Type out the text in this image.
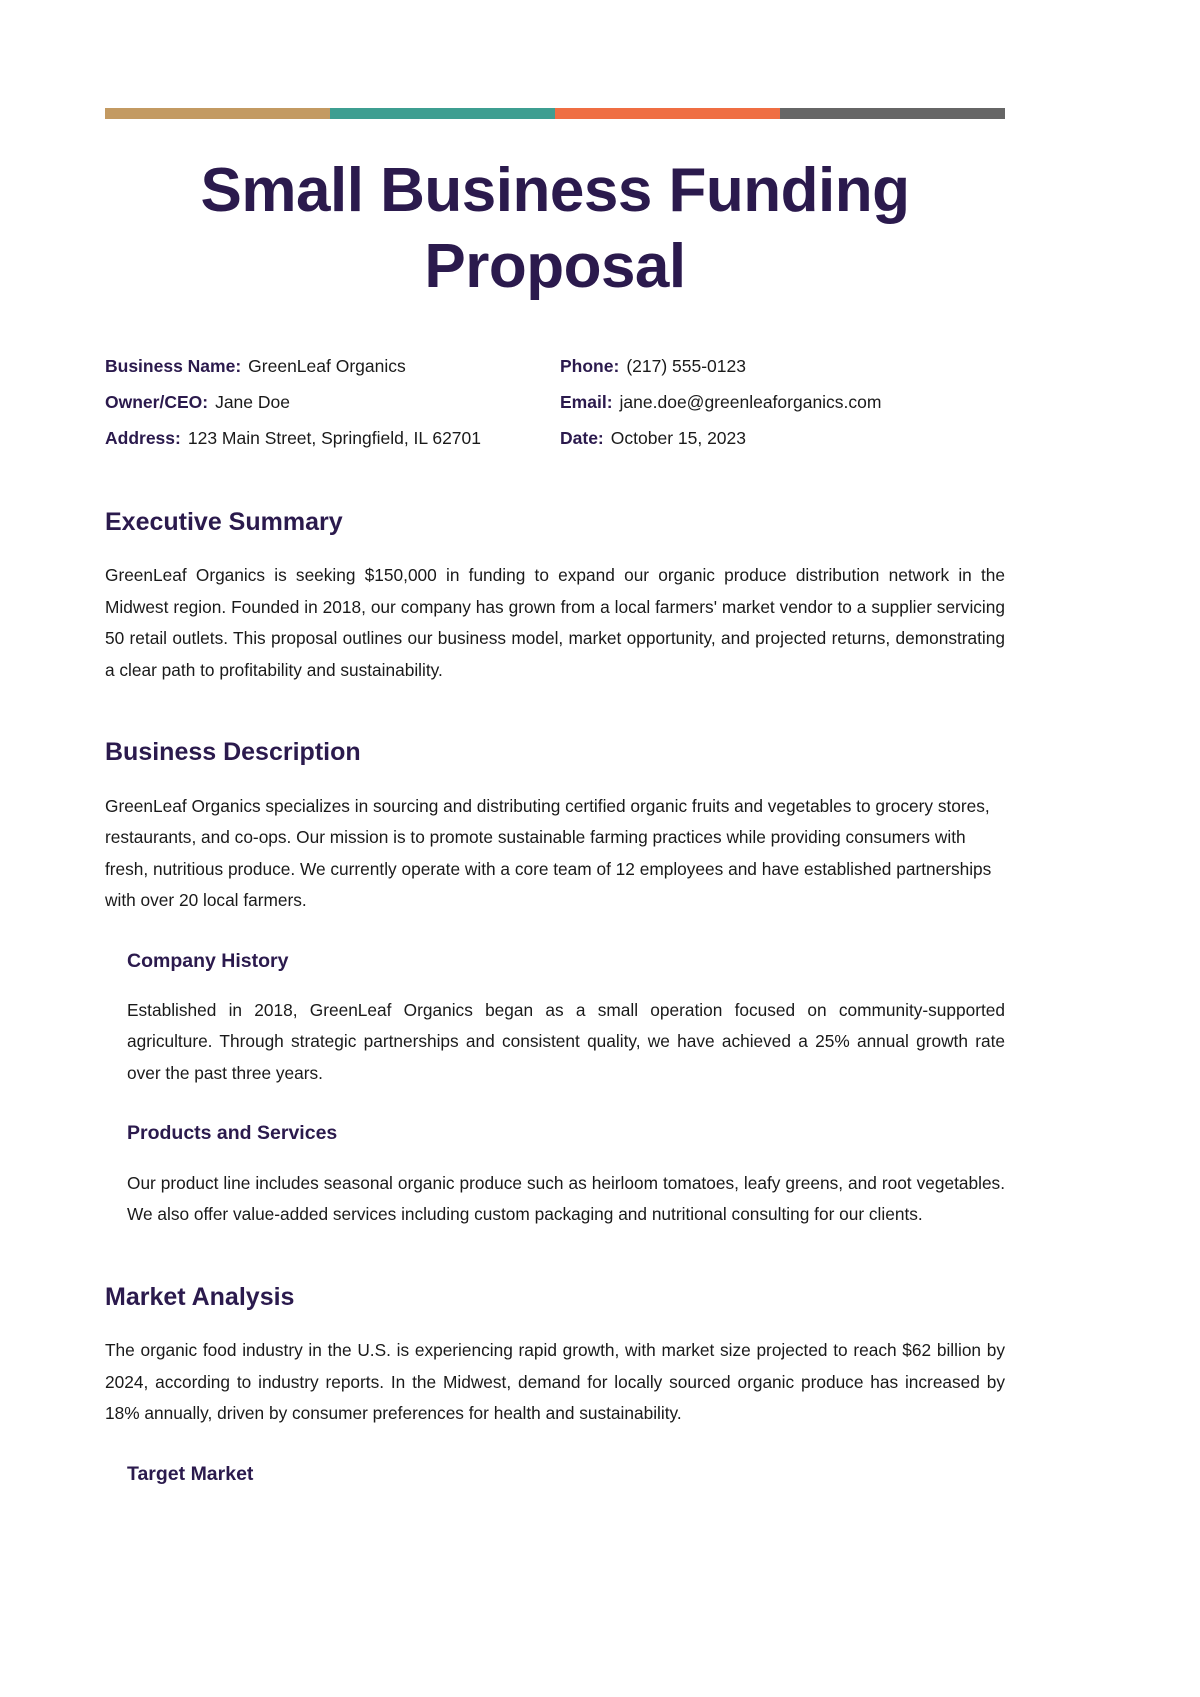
Small Business Funding Proposal
Business Name: GreenLeaf Organics
Owner/CEO: Jane Doe
Address: 123 Main Street, Springfield, IL 62701
Phone: (217) 555-0123
Email: jane.doe@greenleaforganics.com
Date: October 15, 2023
Executive Summary

GreenLeaf Organics is seeking $150,000 in funding to expand our organic produce distribution network in the Midwest region. Founded in 2018, our company has grown from a local farmers' market vendor to a supplier servicing 50 retail outlets. This proposal outlines our business model, market opportunity, and projected returns, demonstrating a clear path to profitability and sustainability.

Business Description

GreenLeaf Organics specializes in sourcing and distributing certified organic fruits and vegetables to grocery stores, restaurants, and co-ops. Our mission is to promote sustainable farming practices while providing consumers with fresh, nutritious produce. We currently operate with a core team of 12 employees and have established partnerships with over 20 local farmers.

Company History

Established in 2018, GreenLeaf Organics began as a small operation focused on community-supported agriculture. Through strategic partnerships and consistent quality, we have achieved a 25% annual growth rate over the past three years.

Products and Services

Our product line includes seasonal organic produce such as heirloom tomatoes, leafy greens, and root vegetables. We also offer value-added services including custom packaging and nutritional consulting for our clients.

Market Analysis

The organic food industry in the U.S. is experiencing rapid growth, with market size projected to reach $62 billion by 2024, according to industry reports. In the Midwest, demand for locally sourced organic produce has increased by 18% annually, driven by consumer preferences for health and sustainability.

Target Market
